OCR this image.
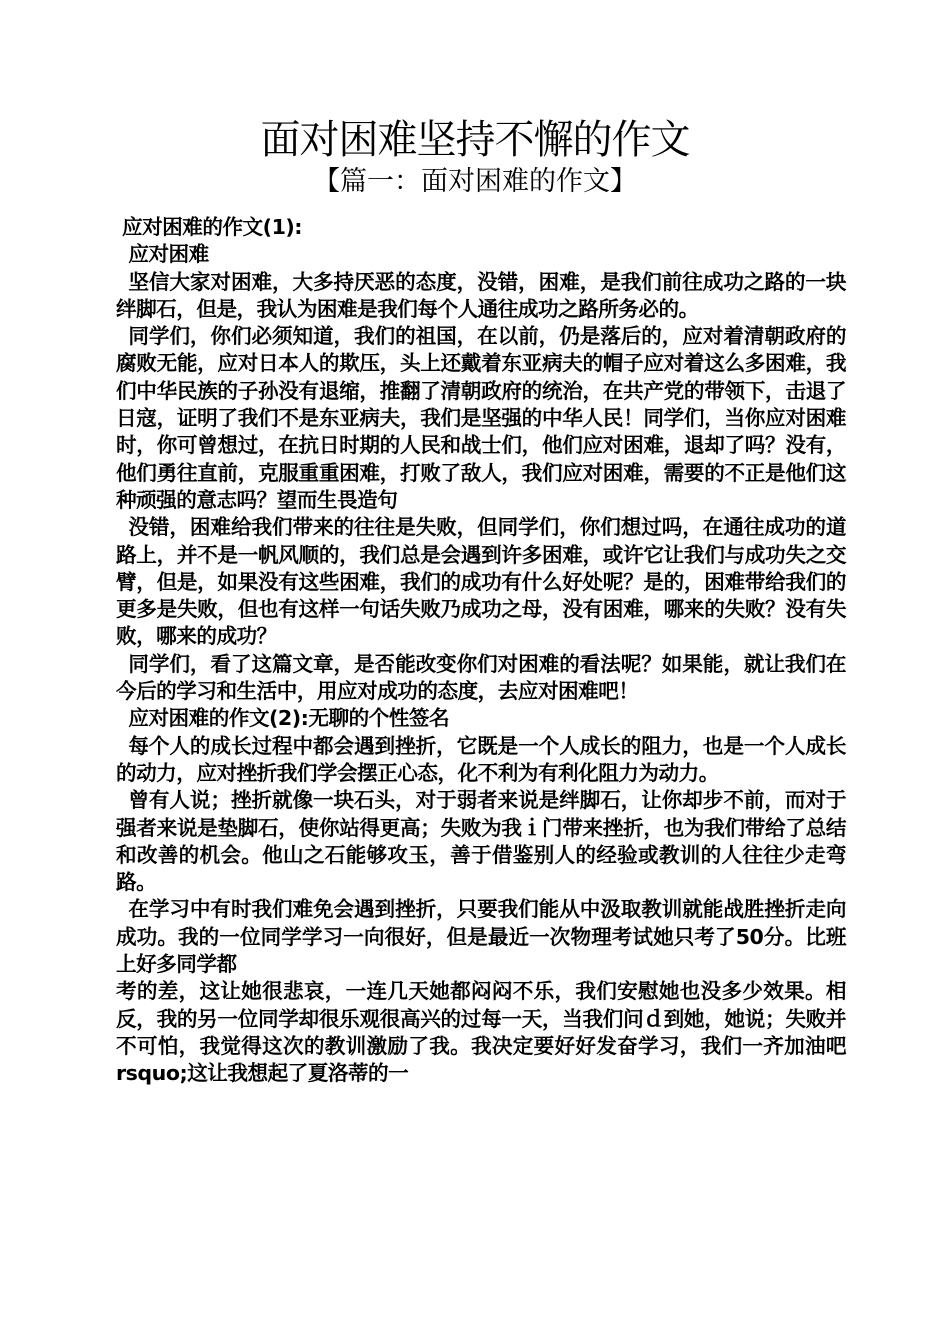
面对困难坚持不懈的作文
【篇一：面对困难的作文】

应对困难的作文(1):

应对困难

坚信大家对困难，大多持厌恶的态度，没错，困难，是我们前往成功之路的一块绊脚石，但是，我认为困难是我们每个人通往成功之路所务必的。

同学们，你们必须知道，我们的祖国，在以前，仍是落后的，应对着清朝政府的腐败无能，应对日本人的欺压，头上还戴着东亚病夫的帽子应对着这么多困难，我们中华民族的子孙没有退缩，推翻了清朝政府的统治，在共产党的带领下，击退了日寇，证明了我们不是东亚病夫，我们是坚强的中华人民！同学们，当你应对困难时，你可曾想过，在抗日时期的人民和战士们，他们应对困难，退却了吗？没有，他们勇往直前，克服重重困难，打败了敌人，我们应对困难，需要的不正是他们这种顽强的意志吗？望而生畏造句

没错，困难给我们带来的往往是失败，但同学们，你们想过吗，在通往成功的道路上，并不是一帆风顺的，我们总是会遇到许多困难，或许它让我们与成功失之交臂，但是，如果没有这些困难，我们的成功有什么好处呢？是的，困难带给我们的更多是失败，但也有这样一句话失败乃成功之母，没有困难，哪来的失败？没有失败，哪来的成功？

同学们，看了这篇文章，是否能改变你们对困难的看法呢？如果能，就让我们在今后的学习和生活中，用应对成功的态度，去应对困难吧！

应对困难的作文(2):无聊的个性签名

每个人的成长过程中都会遇到挫折，它既是一个人成长的阻力，也是一个人成长的动力，应对挫折我们学会摆正心态，化不利为有利化阻力为动力。

曾有人说；挫折就像一块石头，对于弱者来说是绊脚石，让你却步不前，而对于强者来说是垫脚石，使你站得更高；失败为我ｉ门带来挫折，也为我们带给了总结和改善的机会。他山之石能够攻玉，善于借鉴别人的经验或教训的人往往少走弯路。

在学习中有时我们难免会遇到挫折，只要我们能从中汲取教训就能战胜挫折走向成功。我的一位同学学习一向很好，但是最近一次物理考试她只考了50分。比班上好多同学都

考的差，这让她很悲哀，一连几天她都闷闷不乐，我们安慰她也没多少效果。相反，我的另一位同学却很乐观很高兴的过每一天，当我们问ｄ到她，她说；失败并不可怕，我觉得这次的教训激励了我。我决定要好好发奋学习，我们一齐加油吧rsquo;这让我想起了夏洛蒂的一
